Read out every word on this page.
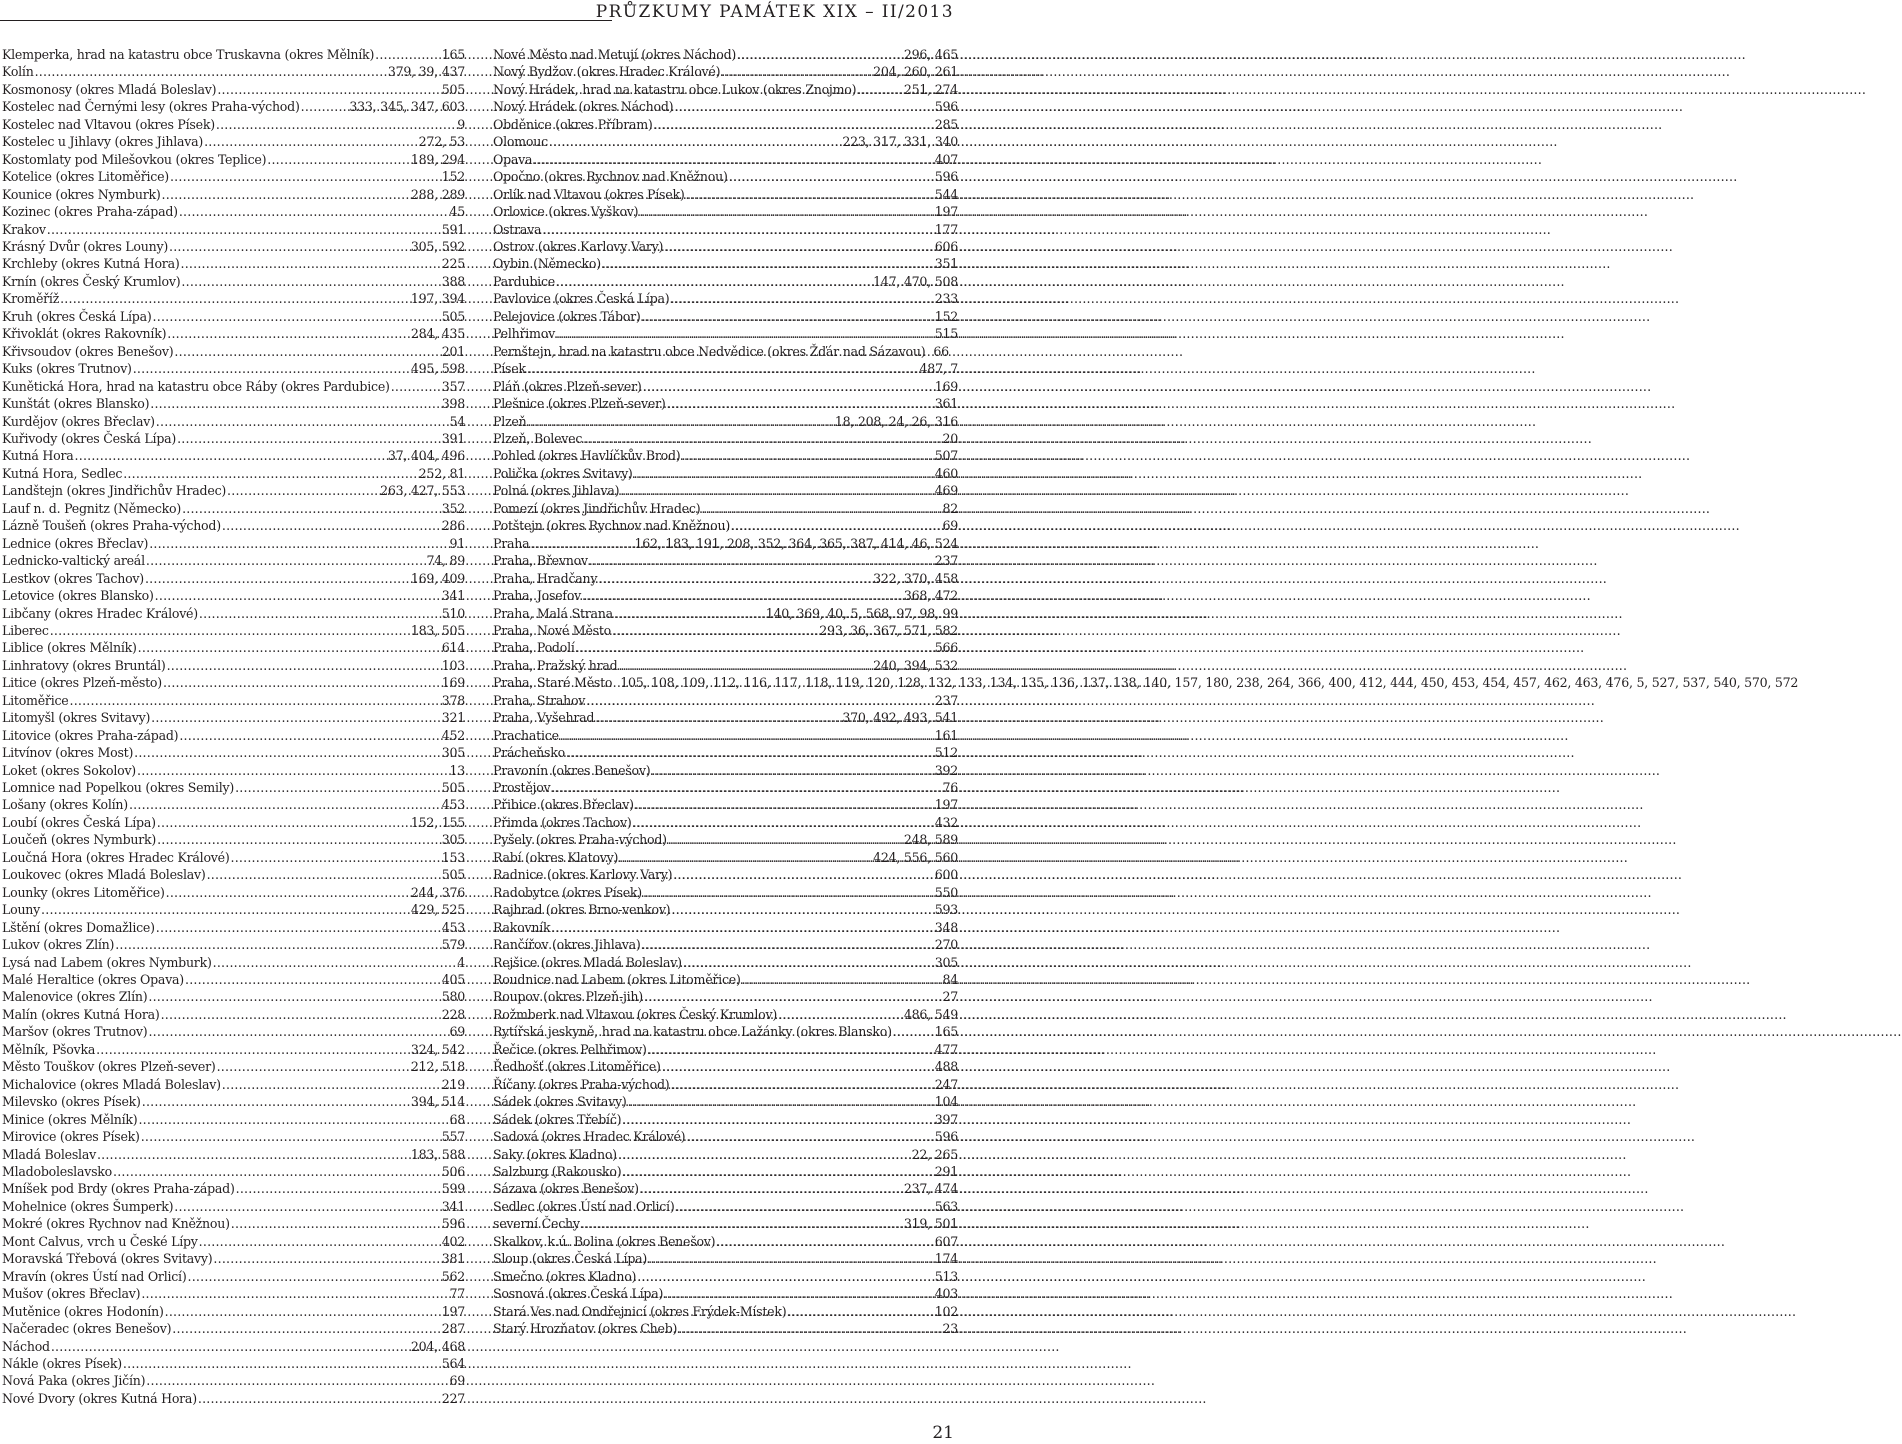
PRŮZKUMY PAMÁTEK XIX – II/2013
Klemperka, hrad na katastru obce Truskavna (okres Mělník) .....	165
Kolín .....	379, 39, 437
Kosmonosy (okres Mladá Boleslav) .....	505
Kostelec nad Černými lesy (okres Praha-východ) .....	333, 345, 347, 603
Kostelec nad Vltavou (okres Písek) .....	9
Kostelec u Jihlavy (okres Jihlava) .....	272, 53
Kostomlaty pod Milešovkou (okres Teplice) .....	189, 294
Kotelice (okres Litoměřice) .....	152
Kounice (okres Nymburk) .....	288, 289
Kozinec (okres Praha-západ) .....	45
Krakov .....	591
Krásný Dvůr (okres Louny) .....	305, 592
Krchleby (okres Kutná Hora) .....	225
Krnín (okres Český Krumlov) .....	388
Kroměříž .....	197, 394
Kruh (okres Česká Lípa) .....	505
Křivoklát (okres Rakovník) .....	284, 435
Křivsoudov (okres Benešov) .....	201
Kuks (okres Trutnov) .....	495, 598
Kunětická Hora, hrad na katastru obce Ráby (okres Pardubice) .....	357
Kunštát (okres Blansko) .....	398
Kurdějov (okres Břeclav) .....	54
Kuřivody (okres Česká Lípa) .....	391
Kutná Hora .....	37, 404, 496
Kutná Hora, Sedlec .....	252, 81
Landštejn (okres Jindřichův Hradec) .....	263, 427, 553
Lauf n. d. Pegnitz (Německo) .....	352
Lázně Toušeň (okres Praha-východ) .....	286
Lednice (okres Břeclav) .....	91
Lednicko-valtický areál .....	74, 89
Lestkov (okres Tachov) .....	169, 409
Letovice (okres Blansko) .....	341
Libčany (okres Hradec Králové) .....	510
Liberec .....	183, 505
Liblice (okres Mělník) .....	614
Linhratovy (okres Bruntál) .....	103
Litice (okres Plzeň-město) .....	169
Litoměřice .....	378
Litomyšl (okres Svitavy) .....	321
Litovice (okres Praha-západ) .....	452
Litvínov (okres Most) .....	305
Loket (okres Sokolov) .....	13
Lomnice nad Popelkou (okres Semily) .....	505
Lošany (okres Kolín) .....	453
Loubí (okres Česká Lípa) .....	152, 155
Loučeň (okres Nymburk) .....	305
Loučná Hora (okres Hradec Králové) .....	153
Loukovec (okres Mladá Boleslav) .....	505
Lounky (okres Litoměřice) .....	244, 376
Louny .....	429, 525
Lštění (okres Domažlice) .....	453
Lukov (okres Zlín) .....	579
Lysá nad Labem (okres Nymburk) .....	4
Malé Heraltice (okres Opava) .....	405
Malenovice (okres Zlín) .....	580
Malín (okres Kutná Hora) .....	228
Maršov (okres Trutnov) .....	69
Mělník, Pšovka .....	324, 542
Město Touškov (okres Plzeň-sever) .....	212, 518
Michalovice (okres Mladá Boleslav) .....	219
Milevsko (okres Písek) .....	394, 514
Minice (okres Mělník) .....	68
Mirovice (okres Písek) .....	557
Mladá Boleslav .....	183, 588
Mladoboleslavsko .....	506
Mníšek pod Brdy (okres Praha-západ) .....	599
Mohelnice (okres Šumperk) .....	341
Mokré (okres Rychnov nad Kněžnou) .....	596
Mont Calvus, vrch u České Lípy .....	402
Moravská Třebová (okres Svitavy) .....	381
Mravín (okres Ústí nad Orlicí) .....	562
Mušov (okres Břeclav) .....	77
Mutěnice (okres Hodonín) .....	197
Načeradec (okres Benešov) .....	287
Náchod .....	204, 468
Nákle (okres Písek) .....	564
Nová Paka (okres Jičín) .....	69
Nové Dvory (okres Kutná Hora) .....	227
Nové Město nad Metují (okres Náchod) .....	296, 465
Nový Bydžov (okres Hradec Králové) .....	204, 260, 261
Nový Hrádek, hrad na katastru obce Lukov (okres Znojmo) .....	251, 274
Nový Hrádek (okres Náchod) .....	596
Obděnice (okres Příbram) .....	285
Olomouc .....	223, 317, 331, 340
Opava .....	407
Opočno (okres Rychnov nad Kněžnou) .....	596
Orlík nad Vltavou (okres Písek) .....	544
Orlovice (okres Vyškov) .....	197
Ostrava .....	177
Ostrov (okres Karlovy Vary) .....	606
Oybin (Německo) .....	351
Pardubice .....	147, 470, 508
Pavlovice (okres Česká Lípa) .....	233
Pelejovice (okres Tábor) .....	152
Pelhřimov .....	515
Pernštejn, hrad na katastru obce Nedvědice (okres Žďár nad Sázavou) 66
Písek .....	487, 7
Pláň (okres Plzeň-sever) .....	169
Plešnice (okres Plzeň-sever) .....	361
Plzeň .....	18, 208, 24, 26, 316
Plzeň, Bolevec .....	20
Pohled (okres Havlíčkův Brod) .....	507
Polička (okres Svitavy) .....	460
Polná (okres Jihlava) .....	469
Pomezí (okres Jindřichův Hradec) .....	82
Potštejn (okres Rychnov nad Kněžnou) .....	69
Praha .....	162, 183, 191, 208, 352, 364, 365, 387, 414, 46, 524
Praha, Břevnov .....	237
Praha, Hradčany .....	322, 370, 458
Praha, Josefov .....	368, 472
Praha, Malá Strana .....	140, 369, 40, 5, 568, 97, 98, 99
Praha, Nové Město .....	293, 36, 367, 571, 582
Praha, Podolí .....	566
Praha, Pražský hrad .....	240, 394, 532
Praha, Staré Město 105, 108, 109, 112, 116, 117, 118, 119, 120, 128, 132, 133, 134, 135, 136, 137, 138, 140, 157, 180, 238, 264, 366, 400, 412, 444, 450, 453, 454, 457, 462, 463, 476, 5, 527, 537, 540, 570, 572
Praha, Strahov .....	237
Praha, Vyšehrad .....	370, 492, 493, 541
Prachatice .....	161
Prácheňsko .....	512
Pravonín (okres Benešov) .....	392
Prostějov .....	76
Přibice (okres Břeclav) .....	197
Přimda (okres Tachov) .....	432
Pyšely (okres Praha-východ) .....	248, 589
Rabí (okres Klatovy) .....	424, 556, 560
Radnice (okres Karlovy Vary) .....	600
Radobytce (okres Písek) .....	550
Rajhrad (okres Brno-venkov) .....	593
Rakovník .....	348
Rančířov (okres Jihlava) .....	270
Rejšice (okres Mladá Boleslav) .....	305
Roudnice nad Labem (okres Litoměřice) .....	84
Roupov (okres Plzeň-jih) .....	27
Rožmberk nad Vltavou (okres Český Krumlov) .....	486, 549
Rytířská jeskyně, hrad na katastru obce Lažánky (okres Blansko) .....	165
Řečice (okres Pelhřimov) .....	477
Ředhošť (okres Litoměřice) .....	488
Říčany (okres Praha-východ) .....	247
Sádek (okres Svitavy) .....	104
Sádek (okres Třebíč) .....	397
Sadová (okres Hradec Králové) .....	596
Saky (okres Kladno) .....	22, 265
Salzburg (Rakousko) .....	291
Sázava (okres Benešov) .....	237, 474
Sedlec (okres Ústí nad Orlicí) .....	563
severní Čechy .....	319, 501
Skalkov, k.ú. Bolina (okres Benešov) .....	607
Sloup (okres Česká Lípa) .....	174
Smečno (okres Kladno) .....	513
Sosnová (okres Česká Lípa) .....	403
Stará Ves nad Ondřejnicí (okres Frýdek-Místek) .....	102
Starý Hrozňatov (okres Cheb) .....	23
21
